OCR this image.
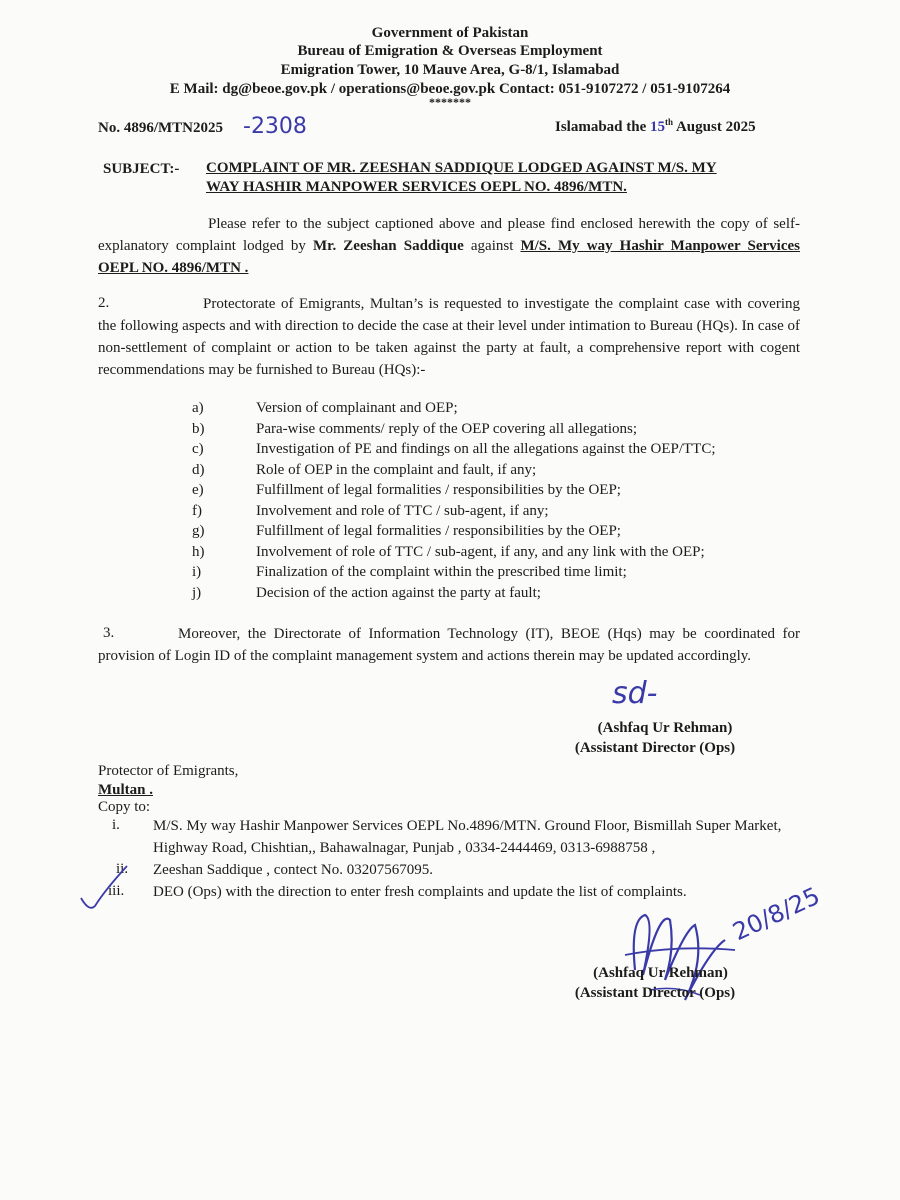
Government of Pakistan
Bureau of Emigration & Overseas Employment
Emigration Tower, 10 Mauve Area, G-8/1, Islamabad
E Mail: dg@beoe.gov.pk / operations@beoe.gov.pk Contact: 051-9107272 / 051-9107264
*******
No. 4896/MTN2025 -2308	Islamabad the 15th August 2025
SUBJECT:- COMPLAINT OF MR. ZEESHAN SADDIQUE LODGED AGAINST M/S. MY
WAY HASHIR MANPOWER SERVICES OEPL NO. 4896/MTN.
Please refer to the subject captioned above and please find enclosed herewith the copy of self-explanatory complaint lodged by Mr. Zeeshan Saddique against M/S. My way Hashir Manpower Services OEPL NO. 4896/MTN .
2.	Protectorate of Emigrants, Multan’s is requested to investigate the complaint case with covering the following aspects and with direction to decide the case at their level under intimation to Bureau (HQs). In case of non-settlement of complaint or action to be taken against the party at fault, a comprehensive report with cogent recommendations may be furnished to Bureau (HQs):-
a)	Version of complainant and OEP;
b)	Para-wise comments/ reply of the OEP covering all allegations;
c)	Investigation of PE and findings on all the allegations against the OEP/TTC;
d)	Role of OEP in the complaint and fault, if any;
e)	Fulfillment of legal formalities / responsibilities by the OEP;
f)	Involvement and role of TTC / sub-agent, if any;
g)	Fulfillment of legal formalities / responsibilities by the OEP;
h)	Involvement of role of TTC / sub-agent, if any, and any link with the OEP;
i)	Finalization of the complaint within the prescribed time limit;
j)	Decision of the action against the party at fault;
3.	Moreover, the Directorate of Information Technology (IT), BEOE (Hqs) may be coordinated for provision of Login ID of the complaint management system and actions therein may be updated accordingly.
sd-
(Ashfaq Ur Rehman)
(Assistant Director (Ops)
Protector of Emigrants,
Multan .
Copy to:
i.	M/S. My way Hashir Manpower Services OEPL No.4896/MTN. Ground Floor, Bismillah Super Market, Highway Road, Chishtian,, Bahawalnagar, Punjab , 0334-2444469, 0313-6988758 ,
ii.	Zeeshan Saddique , contect No. 03207567095.
iii.	DEO (Ops) with the direction to enter fresh complaints and update the list of complaints.	20/8/25
(Ashfaq Ur Rehman)
(Assistant Director (Ops)
